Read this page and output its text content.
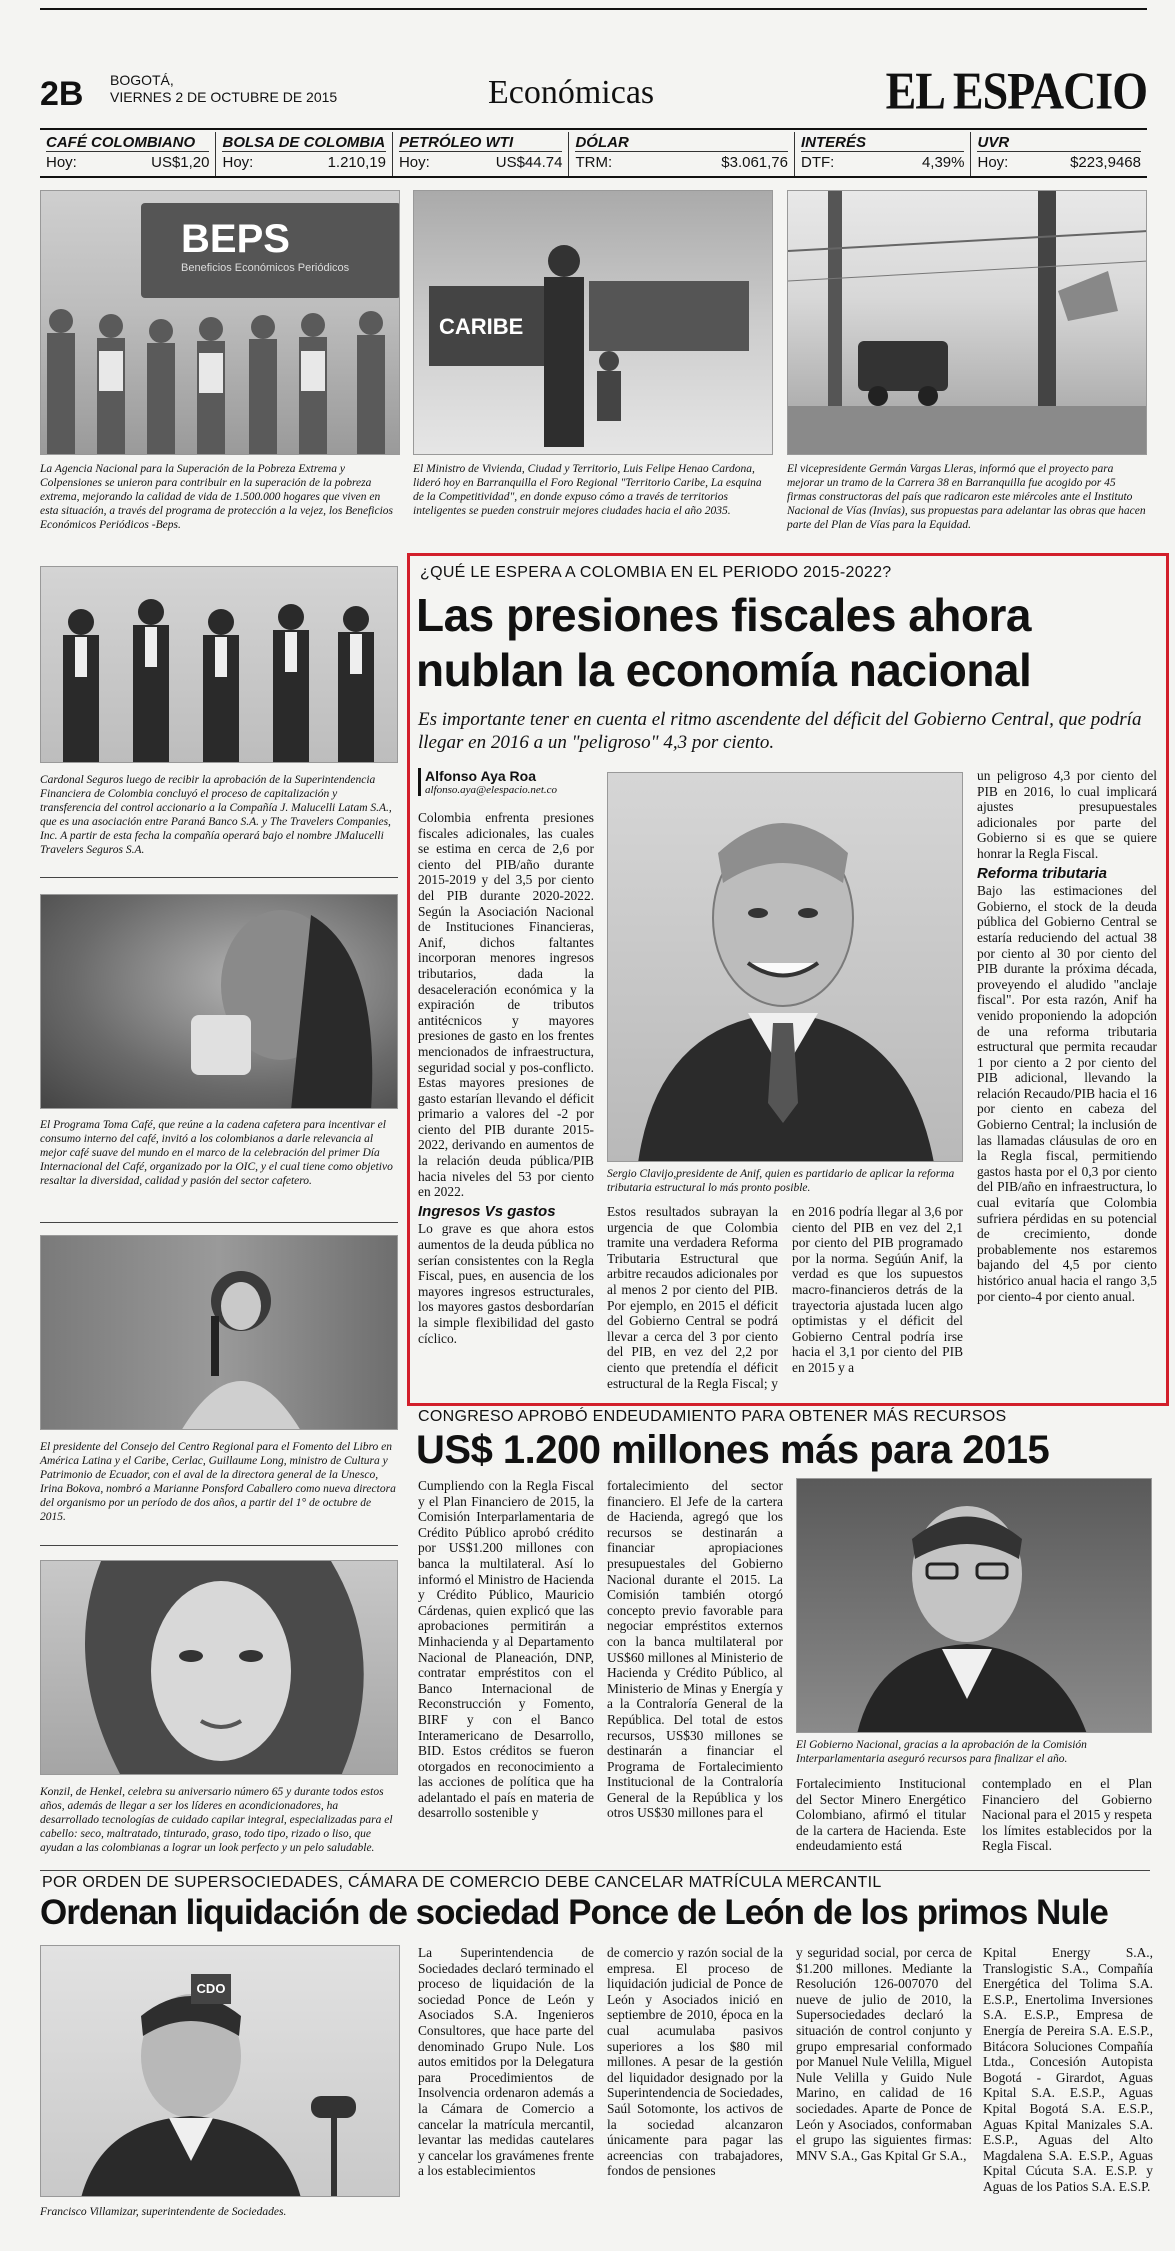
2B BOGOTÁ,
VIERNES 2 DE OCTUBRE DE 2015	Económicas	EL ESPACIO
CAFÉ COLOMBIANO
Hoy:	US$1,20
BOLSA DE COLOMBIA
Hoy:	1.210,19
PETRÓLEO WTI
Hoy:	US$44.74
DÓLAR
TRM:	$3.061,76
INTERÉS
DTF:	4,39%
UVR
Hoy:	$223,9468
BEPS
Beneficios Económicos Periódicos
CARIBE
La Agencia Nacional para la Superación de la Pobreza Extrema y Colpensiones se unieron para contribuir en la superación de la pobreza extrema, mejorando la calidad de vida de 1.500.000 hogares que viven en esta situación, a través del programa de protección a la vejez, los Beneficios Económicos Periódicos -Beps.
El Ministro de Vivienda, Ciudad y Territorio, Luis Felipe Henao Cardona, lideró hoy en Barranquilla el Foro Regional "Territorio Caribe, La esquina de la Competitividad", en donde expuso cómo a través de territorios inteligentes se pueden construir mejores ciudades hacia el año 2035.
El vicepresidente Germán Vargas Lleras, informó que el proyecto para mejorar un tramo de la Carrera 38 en Barranquilla fue acogido por 45 firmas constructoras del país que radicaron este miércoles ante el Instituto Nacional de Vías (Invías), sus propuestas para adelantar las obras que hacen parte del Plan de Vías para la Equidad.
Cardonal Seguros luego de recibir la aprobación de la Superintendencia Financiera de Colombia concluyó el proceso de capitalización y transferencia del control accionario a la Compañía J. Malucelli Latam S.A., que es una asociación entre Paraná Banco S.A. y The Travelers Companies, Inc. A partir de esta fecha la compañía operará bajo el nombre JMalucelli Travelers Seguros S.A.
El Programa Toma Café, que reúne a la cadena cafetera para incentivar el consumo interno del café, invitó a los colombianos a darle relevancia al mejor café suave del mundo en el marco de la celebración del primer Día Internacional del Café, organizado por la OIC, y el cual tiene como objetivo resaltar la diversidad, calidad y pasión del sector cafetero.
El presidente del Consejo del Centro Regional para el Fomento del Libro en América Latina y el Caribe, Cerlac, Guillaume Long, ministro de Cultura y Patrimonio de Ecuador, con el aval de la directora general de la Unesco, Irina Bokova, nombró a Marianne Ponsford Caballero como nueva directora del organismo por un período de dos años, a partir del 1° de octubre de 2015.
Konzil, de Henkel, celebra su aniversario número 65 y durante todos estos años, además de llegar a ser los líderes en acondicionadores, ha desarrollado tecnologías de cuidado capilar integral, especializadas para el cabello: seco, maltratado, tinturado, graso, todo tipo, rizado o liso, que ayudan a las colombianas a lograr un look perfecto y un pelo saludable.
¿QUÉ LE ESPERA A COLOMBIA EN EL PERIODO 2015-2022?
Las presiones fiscales ahora
nublan la economía nacional
Es importante tener en cuenta el ritmo ascendente del déficit del Gobierno Central, que podría llegar en 2016 a un "peligroso" 4,3 por ciento.
Alfonso Aya Roa
alfonso.aya@elespacio.net.co

Colombia enfrenta presiones fiscales adicionales, las cuales se estima en cerca de 2,6 por ciento del PIB/año durante 2015-2019 y del 3,5 por ciento del PIB durante 2020-2022. Según la Asociación Nacional de Instituciones Financieras, Anif, dichos faltantes incorporan menores ingresos tributarios, dada la desaceleración económica y la expiración de tributos antitécnicos y mayores presiones de gasto en los frentes mencionados de infraestructura, seguridad social y pos-conflicto. Estas mayores presiones de gasto estarían llevando el déficit primario a valores del -2 por ciento del PIB durante 2015-2022, derivando en aumentos de la relación deuda pública/PIB hacia niveles del 53 por ciento en 2022.

Ingresos Vs gastos

Lo grave es que ahora estos aumentos de la deuda pública no serían consistentes con la Regla Fiscal, pues, en ausencia de los mayores ingresos estructurales, los mayores gastos desbordarían la simple flexibilidad del gasto cíclico.

Sergio Clavijo,presidente de Anif, quien es partidario de aplicar la reforma tributaria estructural lo más pronto posible.

Estos resultados subrayan la urgencia de que Colombia tramite una verdadera Reforma Tributaria Estructural que arbitre recaudos adicionales por al menos 2 por ciento del PIB. Por ejemplo, en 2015 el déficit del Gobierno Central se podrá llevar a cerca del 3 por ciento del PIB, en vez del 2,2 por ciento que pretendía el déficit estructural de la Regla Fiscal; y en 2016 podría llegar al 3,6 por ciento del PIB en vez del 2,1 por ciento del PIB programado por la norma. Segúún Anif, la verdad es que los supuestos macro-financieros detrás de la trayectoria ajustada lucen algo optimistas y el déficit del Gobierno Central podría irse hacia el 3,1 por ciento del PIB en 2015 y a

un peligroso 4,3 por ciento del PIB en 2016, lo cual implicará ajustes presupuestales adicionales por parte del Gobierno si es que se quiere honrar la Regla Fiscal.

Reforma tributaria

Bajo las estimaciones del Gobierno, el stock de la deuda pública del Gobierno Central se estaría reduciendo del actual 38 por ciento al 30 por ciento del PIB durante la próxima década, proveyendo el aludido "anclaje fiscal". Por esta razón, Anif ha venido proponiendo la adopción de una reforma tributaria estructural que permita recaudar 1 por ciento a 2 por ciento del PIB adicional, llevando la relación Recaudo/PIB hacia el 16 por ciento en cabeza del Gobierno Central; la inclusión de las llamadas cláusulas de oro en la Regla fiscal, permitiendo gastos hasta por el 0,3 por ciento del PIB/año en infraestructura, lo cual evitaría que Colombia sufriera pérdidas en su potencial de crecimiento, donde probablemente nos estaremos bajando del 4,5 por ciento histórico anual hacia el rango 3,5 por ciento-4 por ciento anual.

CONGRESO APROBÓ ENDEUDAMIENTO PARA OBTENER MÁS RECURSOS
US$ 1.200 millones más para 2015

Cumpliendo con la Regla Fiscal y el Plan Financiero de 2015, la Comisión Interparlamentaria de Crédito Público aprobó crédito por US$1.200 millones con banca la multilateral. Así lo informó el Ministro de Hacienda y Crédito Público, Mauricio Cárdenas, quien explicó que las aprobaciones permitirán a Minhacienda y al Departamento Nacional de Planeación, DNP, contratar empréstitos con el Banco Internacional de Reconstrucción y Fomento, BIRF y con el Banco Interamericano de Desarrollo, BID. Estos créditos se fueron otorgados en reconocimiento a las acciones de política que ha adelantado el país en materia de desarrollo sostenible y

fortalecimiento del sector financiero. El Jefe de la cartera de Hacienda, agregó que los recursos se destinarán a financiar apropiaciones presupuestales del Gobierno Nacional durante el 2015. La Comisión también otorgó concepto previo favorable para negociar empréstitos externos con la banca multilateral por US$60 millones al Ministerio de Hacienda y Crédito Público, al Ministerio de Minas y Energía y a la Contraloría General de la República. Del total de estos recursos, US$30 millones se destinarán a financiar el Programa de Fortalecimiento Institucional de la Contraloría General de la República y los otros US$30 millones para el

El Gobierno Nacional, gracias a la aprobación de la Comisión Interparlamentaria aseguró recursos para finalizar el año.

Fortalecimiento Institucional del Sector Minero Energético Colombiano, afirmó el titular de la cartera de Hacienda. Este endeudamiento está

contemplado en el Plan Financiero del Gobierno Nacional para el 2015 y respeta los límites establecidos por la Regla Fiscal.

POR ORDEN DE SUPERSOCIEDADES, CÁMARA DE COMERCIO DEBE CANCELAR MATRÍCULA MERCANTIL
Ordenan liquidación de sociedad Ponce de León de los primos Nule
CDO
Francisco Villamizar, superintendente de Sociedades.

La Superintendencia de Sociedades declaró terminado el proceso de liquidación de la sociedad Ponce de León y Asociados S.A. Ingenieros Consultores, que hace parte del denominado Grupo Nule. Los autos emitidos por la Delegatura para Procedimientos de Insolvencia ordenaron además a la Cámara de Comercio a cancelar la matrícula mercantil, levantar las medidas cautelares y cancelar los gravámenes frente a los establecimientos

de comercio y razón social de la empresa. El proceso de liquidación judicial de Ponce de León y Asociados inició en septiembre de 2010, época en la cual acumulaba pasivos superiores a los $80 mil millones. A pesar de la gestión del liquidador designado por la Superintendencia de Sociedades, Saúl Sotomonte, los activos de la sociedad alcanzaron únicamente para pagar las acreencias con trabajadores, fondos de pensiones

y seguridad social, por cerca de $1.200 millones. Mediante la Resolución 126-007070 del nueve de julio de 2010, la Supersociedades declaró la situación de control conjunto y grupo empresarial conformado por Manuel Nule Velilla, Miguel Nule Velilla y Guido Nule Marino, en calidad de 16 sociedades. Aparte de Ponce de León y Asociados, conformaban el grupo las siguientes firmas: MNV S.A., Gas Kpital Gr S.A.,

Kpital Energy S.A., Translogistic S.A., Compañía Energética del Tolima S.A. E.S.P., Enertolima Inversiones S.A. E.S.P., Empresa de Energía de Pereira S.A. E.S.P., Bitácora Soluciones Compañía Ltda., Concesión Autopista Bogotá - Girardot, Aguas Kpital S.A. E.S.P., Aguas Kpital Bogotá S.A. E.S.P., Aguas Kpital Manizales S.A. E.S.P., Aguas del Alto Magdalena S.A. E.S.P., Aguas Kpital Cúcuta S.A. E.S.P. y Aguas de los Patios S.A. E.S.P.
